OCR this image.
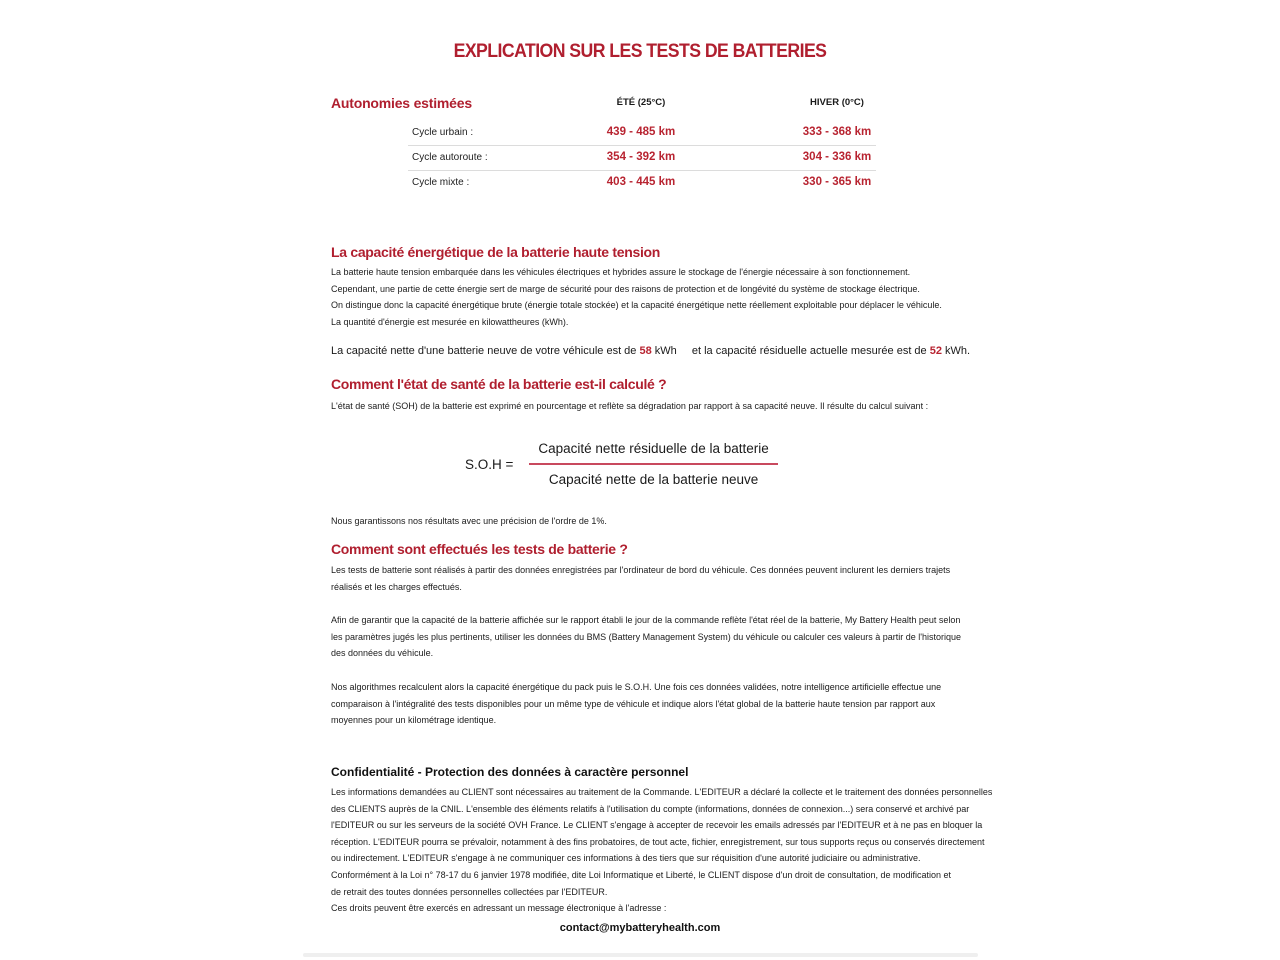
EXPLICATION SUR LES TESTS DE BATTERIES
Autonomies estimées	ÉTÉ (25°C)	HIVER (0°C)
Cycle urbain :	439 - 485 km	333 - 368 km
Cycle autoroute :	354 - 392 km	304 - 336 km
Cycle mixte :	403 - 445 km	330 - 365 km
La capacité énergétique de la batterie haute tension
La batterie haute tension embarquée dans les véhicules électriques et hybrides assure le stockage de l'énergie nécessaire à son fonctionnement.
Cependant, une partie de cette énergie sert de marge de sécurité pour des raisons de protection et de longévité du système de stockage électrique.
On distingue donc la capacité énergétique brute (énergie totale stockée) et la capacité énergétique nette réellement exploitable pour déplacer le véhicule.
La quantité d'énergie est mesurée en kilowattheures (kWh).
La capacité nette d'une batterie neuve de votre véhicule est de 58 kWh et la capacité résiduelle actuelle mesurée est de 52 kWh.
Comment l'état de santé de la batterie est-il calculé ?
L'état de santé (SOH) de la batterie est exprimé en pourcentage et reflète sa dégradation par rapport à sa capacité neuve. Il résulte du calcul suivant :
$S.O.H = \frac{\text{Capacité nette résiduelle de la batterie}}{\text{Capacité nette de la batterie neuve}}$
Nous garantissons nos résultats avec une précision de l'ordre de 1%.
Comment sont effectués les tests de batterie ?
Les tests de batterie sont réalisés à partir des données enregistrées par l'ordinateur de bord du véhicule. Ces données peuvent inclurent les derniers trajets
réalisés et les charges effectués.
Afin de garantir que la capacité de la batterie affichée sur le rapport établi le jour de la commande reflète l'état réel de la batterie, My Battery Health peut selon
les paramètres jugés les plus pertinents, utiliser les données du BMS (Battery Management System) du véhicule ou calculer ces valeurs à partir de l'historique
des données du véhicule.
Nos algorithmes recalculent alors la capacité énergétique du pack puis le S.O.H. Une fois ces données validées, notre intelligence artificielle effectue une
comparaison à l'intégralité des tests disponibles pour un même type de véhicule et indique alors l'état global de la batterie haute tension par rapport aux
moyennes pour un kilométrage identique.
Confidentialité - Protection des données à caractère personnel
Les informations demandées au CLIENT sont nécessaires au traitement de la Commande. L'EDITEUR a déclaré la collecte et le traitement des données personnelles
des CLIENTS auprès de la CNIL. L'ensemble des éléments relatifs à l'utilisation du compte (informations, données de connexion...) sera conservé et archivé par
l'EDITEUR ou sur les serveurs de la société OVH France. Le CLIENT s'engage à accepter de recevoir les emails adressés par l'EDITEUR et à ne pas en bloquer la
réception. L'EDITEUR pourra se prévaloir, notamment à des fins probatoires, de tout acte, fichier, enregistrement, sur tous supports reçus ou conservés directement
ou indirectement. L'EDITEUR s'engage à ne communiquer ces informations à des tiers que sur réquisition d'une autorité judiciaire ou administrative.
Conformément à la Loi n° 78-17 du 6 janvier 1978 modifiée, dite Loi Informatique et Liberté, le CLIENT dispose d'un droit de consultation, de modification et
de retrait des toutes données personnelles collectées par l'EDITEUR.
Ces droits peuvent être exercés en adressant un message électronique à l'adresse :
contact@mybatteryhealth.com
